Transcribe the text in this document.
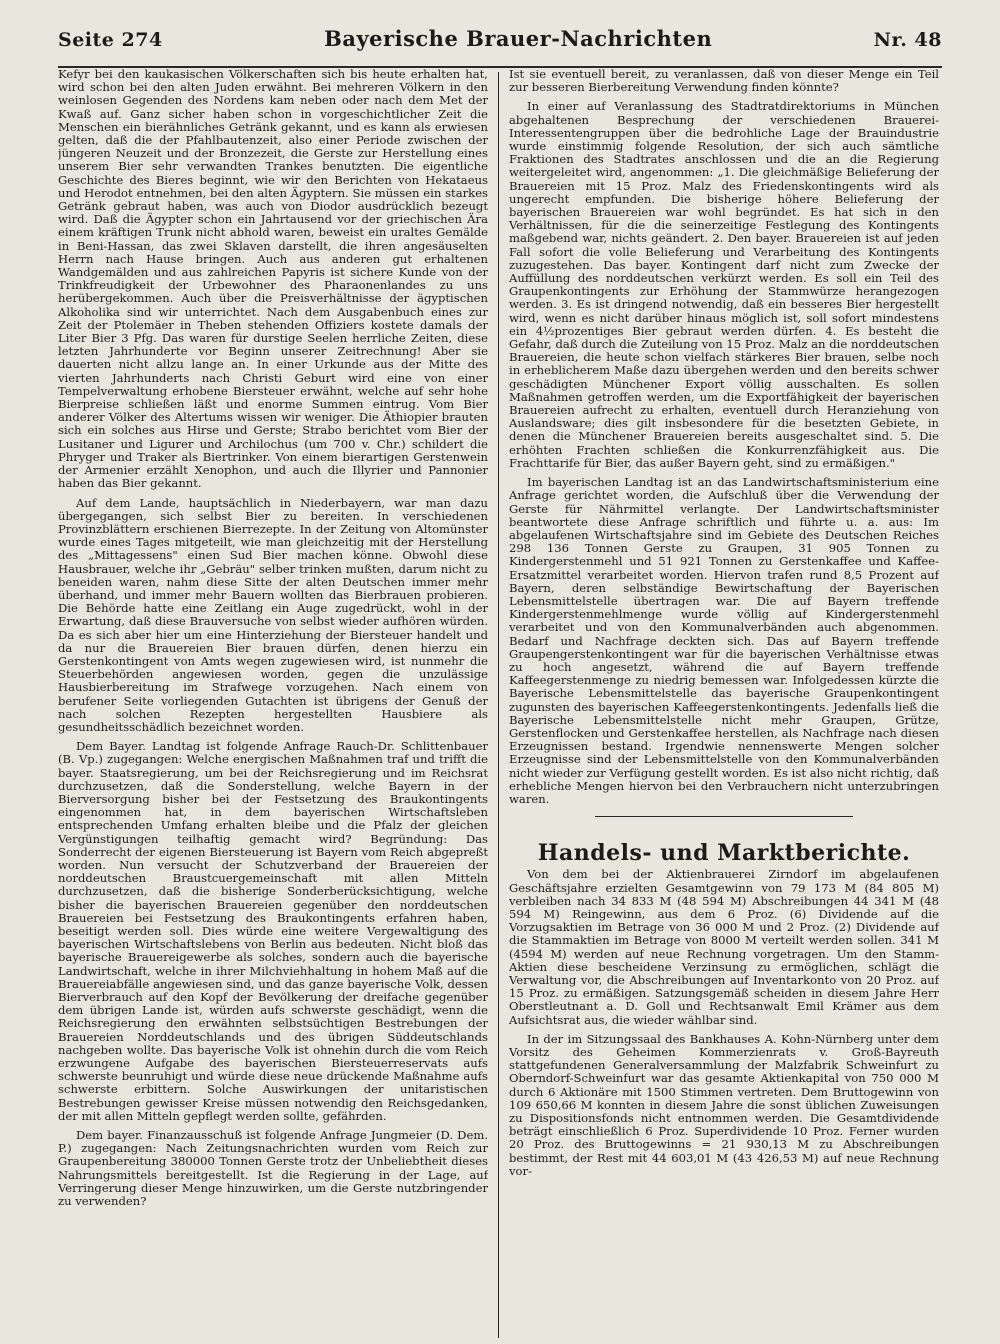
Seite 274	Bayerische Brauer-Nachrichten	Nr. 48

Kefyr bei den kaukasischen Völkerschaften sich bis heute erhalten hat, wird schon bei den alten Juden erwähnt. Bei mehreren Völkern in den weinlosen Gegenden des Nordens kam neben oder nach dem Met der Kwaß auf. Ganz sicher haben schon in vorgeschichtlicher Zeit die Menschen ein bierähnliches Getränk gekannt, und es kann als erwiesen gelten, daß die der Pfahlbautenzeit, also einer Periode zwischen der jüngeren Neuzeit und der Bronzezeit, die Gerste zur Herstellung eines unserem Bier sehr verwandten Trankes benutzten. Die eigentliche Geschichte des Bieres beginnt, wie wir den Berichten von Hekataeus und Herodot entnehmen, bei den alten Ägyptern. Sie müssen ein starkes Getränk gebraut haben, was auch von Diodor ausdrücklich bezeugt wird. Daß die Ägypter schon ein Jahrtausend vor der griechischen Ära einem kräftigen Trunk nicht abhold waren, beweist ein uraltes Gemälde in Beni-Hassan, das zwei Sklaven darstellt, die ihren angesäuselten Herrn nach Hause bringen. Auch aus anderen gut erhaltenen Wandgemälden und aus zahlreichen Papyris ist sichere Kunde von der Trinkfreudigkeit der Urbewohner des Pharaonenlandes zu uns herübergekommen. Auch über die Preisverhältnisse der ägyptischen Alkoholika sind wir unterrichtet. Nach dem Ausgabenbuch eines zur Zeit der Ptolemäer in Theben stehenden Offiziers kostete damals der Liter Bier 3 Pfg. Das waren für durstige Seelen herrliche Zeiten, diese letzten Jahrhunderte vor Beginn unserer Zeitrechnung! Aber sie dauerten nicht allzu lange an. In einer Urkunde aus der Mitte des vierten Jahrhunderts nach Christi Geburt wird eine von einer Tempelverwaltung erhobene Biersteuer erwähnt, welche auf sehr hohe Bierpreise schließen läßt und enorme Summen eintrug. Vom Bier anderer Völker des Altertums wissen wir weniger. Die Äthiopier brauten sich ein solches aus Hirse und Gerste; Strabo berichtet vom Bier der Lusitaner und Ligurer und Archilochus (um 700 v. Chr.) schildert die Phryger und Traker als Biertrinker. Von einem bierartigen Gerstenwein der Armenier erzählt Xenophon, und auch die Illyrier und Pannonier haben das Bier gekannt.

Auf dem Lande, hauptsächlich in Niederbayern, war man dazu übergegangen, sich selbst Bier zu bereiten. In verschiedenen Provinzblättern erschienen Bierrezepte. In der Zeitung von Altomünster wurde eines Tages mitgeteilt, wie man gleichzeitig mit der Herstellung des „Mittagessens" einen Sud Bier machen könne. Obwohl diese Hausbrauer, welche ihr „Gebräu" selber trinken mußten, darum nicht zu beneiden waren, nahm diese Sitte der alten Deutschen immer mehr überhand, und immer mehr Bauern wollten das Bierbrauen probieren. Die Behörde hatte eine Zeitlang ein Auge zugedrückt, wohl in der Erwartung, daß diese Brauversuche von selbst wieder aufhören würden. Da es sich aber hier um eine Hinterziehung der Biersteuer handelt und da nur die Brauereien Bier brauen dürfen, denen hierzu ein Gerstenkontingent von Amts wegen zugewiesen wird, ist nunmehr die Steuerbehörden angewiesen worden, gegen die unzulässige Hausbierbereitung im Strafwege vorzugehen. Nach einem von berufener Seite vorliegenden Gutachten ist übrigens der Genuß der nach solchen Rezepten hergestellten Hausbiere als gesundheitsschädlich bezeichnet worden.

Dem Bayer. Landtag ist folgende Anfrage Rauch-Dr. Schlittenbauer (B. Vp.) zugegangen: Welche energischen Maßnahmen traf und trifft die bayer. Staatsregierung, um bei der Reichsregierung und im Reichsrat durchzusetzen, daß die Sonderstellung, welche Bayern in der Bierversorgung bisher bei der Festsetzung des Braukontingents eingenommen hat, in dem bayerischen Wirtschaftsleben entsprechenden Umfang erhalten bleibe und die Pfalz der gleichen Vergünstigungen teilhaftig gemacht wird? Begründung: Das Sonderrecht der eigenen Biersteuerung ist Bayern vom Reich abgepreßt worden. Nun versucht der Schutzverband der Brauereien der norddeutschen Braustcuergemeinschaft mit allen Mitteln durchzusetzen, daß die bisherige Sonderberücksichtigung, welche bisher die bayerischen Brauereien gegenüber den norddeutschen Brauereien bei Festsetzung des Braukontingents erfahren haben, beseitigt werden soll. Dies würde eine weitere Vergewaltigung des bayerischen Wirtschaftslebens von Berlin aus bedeuten. Nicht bloß das bayerische Brauereigewerbe als solches, sondern auch die bayerische Landwirtschaft, welche in ihrer Milchviehhaltung in hohem Maß auf die Brauereiabfälle angewiesen sind, und das ganze bayerische Volk, dessen Bierverbrauch auf den Kopf der Bevölkerung der dreifache gegenüber dem übrigen Lande ist, würden aufs schwerste geschädigt, wenn die Reichsregierung den erwähnten selbstsüchtigen Bestrebungen der Brauereien Norddeutschlands und des übrigen Süddeutschlands nachgeben wollte. Das bayerische Volk ist ohnehin durch die vom Reich erzwungene Aufgabe des bayerischen Biersteuerreservats aufs schwerste beunruhigt und würde diese neue drückende Maßnahme aufs schwerste erbittern. Solche Auswirkungen der unitaristischen Bestrebungen gewisser Kreise müssen notwendig den Reichsgedanken, der mit allen Mitteln gepflegt werden sollte, gefährden.

Dem bayer. Finanzausschuß ist folgende Anfrage Jungmeier (D. Dem. P.) zugegangen: Nach Zeitungsnachrichten wurden vom Reich zur Graupenbereitung 380000 Tonnen Gerste trotz der Unbeliebtheit dieses Nahrungsmittels bereitgestellt. Ist die Regierung in der Lage, auf Verringerung dieser Menge hinzuwirken, um die Gerste nutzbringender zu verwenden?

Ist sie eventuell bereit, zu veranlassen, daß von dieser Menge ein Teil zur besseren Bierbereitung Verwendung finden könnte?

In einer auf Veranlassung des Stadtratdirektoriums in München abgehaltenen Besprechung der verschiedenen Brauerei-Interessentengruppen über die bedrohliche Lage der Brauindustrie wurde einstimmig folgende Resolution, der sich auch sämtliche Fraktionen des Stadtrates anschlossen und die an die Regierung weitergeleitet wird, angenommen: „1. Die gleichmäßige Belieferung der Brauereien mit 15 Proz. Malz des Friedenskontingents wird als ungerecht empfunden. Die bisherige höhere Belieferung der bayerischen Brauereien war wohl begründet. Es hat sich in den Verhältnissen, für die die seinerzeitige Festlegung des Kontingents maßgebend war, nichts geändert. 2. Den bayer. Brauereien ist auf jeden Fall sofort die volle Belieferung und Verarbeitung des Kontingents zuzugestehen. Das bayer. Kontingent darf nicht zum Zwecke der Auffüllung des norddeutschen verkürzt werden. Es soll ein Teil des Graupenkontingents zur Erhöhung der Stammwürze herangezogen werden. 3. Es ist dringend notwendig, daß ein besseres Bier hergestellt wird, wenn es nicht darüber hinaus möglich ist, soll sofort mindestens ein 4½prozentiges Bier gebraut werden dürfen. 4. Es besteht die Gefahr, daß durch die Zuteilung von 15 Proz. Malz an die norddeutschen Brauereien, die heute schon vielfach stärkeres Bier brauen, selbe noch in erheblicherem Maße dazu übergehen werden und den bereits schwer geschädigten Münchener Export völlig ausschalten. Es sollen Maßnahmen getroffen werden, um die Exportfähigkeit der bayerischen Brauereien aufrecht zu erhalten, eventuell durch Heranziehung von Auslandsware; dies gilt insbesondere für die besetzten Gebiete, in denen die Münchener Brauereien bereits ausgeschaltet sind. 5. Die erhöhten Frachten schließen die Konkurrenzfähigkeit aus. Die Frachttarife für Bier, das außer Bayern geht, sind zu ermäßigen."

Im bayerischen Landtag ist an das Landwirtschaftsministerium eine Anfrage gerichtet worden, die Aufschluß über die Verwendung der Gerste für Nährmittel verlangte. Der Landwirtschaftsminister beantwortete diese Anfrage schriftlich und führte u. a. aus: Im abgelaufenen Wirtschaftsjahre sind im Gebiete des Deutschen Reiches 298 136 Tonnen Gerste zu Graupen, 31 905 Tonnen zu Kindergerstenmehl und 51 921 Tonnen zu Gerstenkaffee und Kaffee-Ersatzmittel verarbeitet worden. Hiervon trafen rund 8,5 Prozent auf Bayern, deren selbständige Bewirtschaftung der Bayerischen Lebensmittelstelle übertragen war. Die auf Bayern treffende Kindergerstenmehlmenge wurde völlig auf Kindergerstenmehl verarbeitet und von den Kommunalverbänden auch abgenommen. Bedarf und Nachfrage deckten sich. Das auf Bayern treffende Graupengerstenkontingent war für die bayerischen Verhältnisse etwas zu hoch angesetzt, während die auf Bayern treffende Kaffeegerstenmenge zu niedrig bemessen war. Infolgedessen kürzte die Bayerische Lebensmittelstelle das bayerische Graupenkontingent zugunsten des bayerischen Kaffeegerstenkontingents. Jedenfalls ließ die Bayerische Lebensmittelstelle nicht mehr Graupen, Grütze, Gerstenflocken und Gerstenkaffee herstellen, als Nachfrage nach diesen Erzeugnissen bestand. Irgendwie nennenswerte Mengen solcher Erzeugnisse sind der Lebensmittelstelle von den Kommunalverbänden nicht wieder zur Verfügung gestellt worden. Es ist also nicht richtig, daß erhebliche Mengen hiervon bei den Verbrauchern nicht unterzubringen waren.

Handels- und Marktberichte.

Von dem bei der Aktienbrauerei Zirndorf im abgelaufenen Geschäftsjahre erzielten Gesamtgewinn von 79 173 M (84 805 M) verbleiben nach 34 833 M (48 594 M) Abschreibungen 44 341 M (48 594 M) Reingewinn, aus dem 6 Proz. (6) Dividende auf die Vorzugsaktien im Betrage von 36 000 M und 2 Proz. (2) Dividende auf die Stammaktien im Betrage von 8000 M verteilt werden sollen. 341 M (4594 M) werden auf neue Rechnung vorgetragen. Um den Stamm-Aktien diese bescheidene Verzinsung zu ermöglichen, schlägt die Verwaltung vor, die Abschreibungen auf Inventarkonto von 20 Proz. auf 15 Proz. zu ermäßigen. Satzungsgemäß scheiden in diesem Jahre Herr Oberstleutnant a. D. Goll und Rechtsanwalt Emil Krämer aus dem Aufsichtsrat aus, die wieder wählbar sind.

In der im Sitzungssaal des Bankhauses A. Kohn-Nürnberg unter dem Vorsitz des Geheimen Kommerzienrats v. Groß-Bayreuth stattgefundenen Generalversammlung der Malzfabrik Schweinfurt zu Oberndorf-Schweinfurt war das gesamte Aktienkapital von 750 000 M durch 6 Aktionäre mit 1500 Stimmen vertreten. Dem Bruttogewinn von 109 650,66 M konnten in diesem Jahre die sonst üblichen Zuweisungen zu Dispositionsfonds nicht entnommen werden. Die Gesamtdividende beträgt einschließlich 6 Proz. Superdividende 10 Proz. Ferner wurden 20 Proz. des Bruttogewinns = 21 930,13 M zu Abschreibungen bestimmt, der Rest mit 44 603,01 M (43 426,53 M) auf neue Rechnung vor-
